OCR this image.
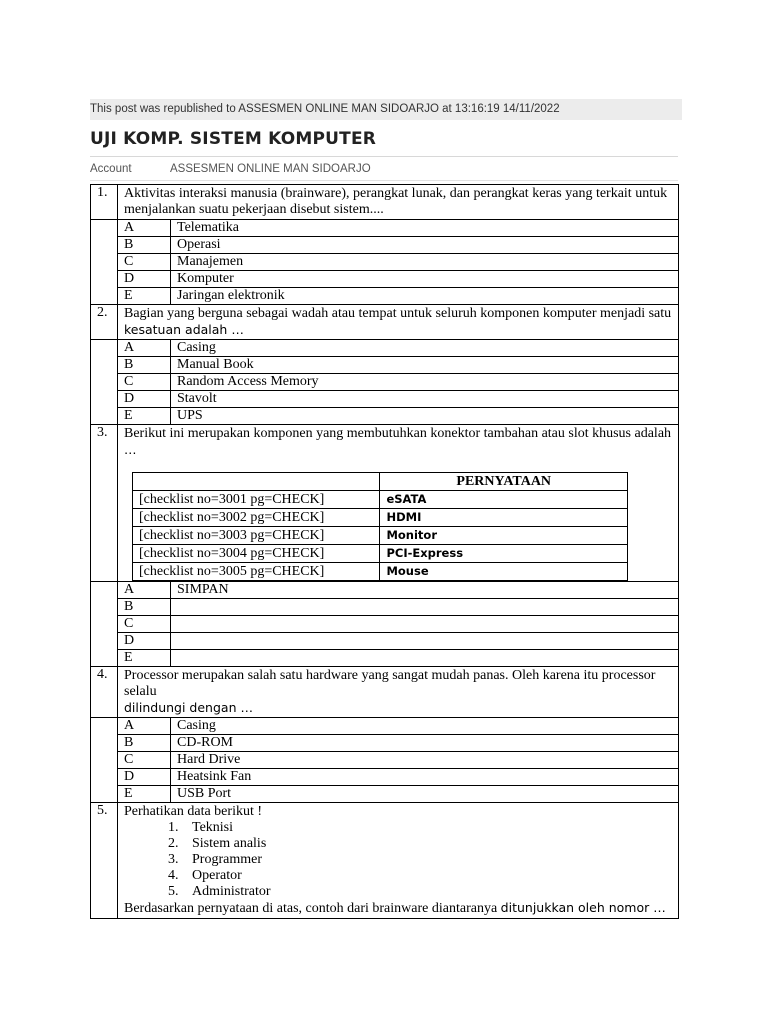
This post was republished to ASSESMEN ONLINE MAN SIDOARJO at 13:16:19 14/11/2022
UJI KOMP. SISTEM KOMPUTER
Account	ASSESMEN ONLINE MAN SIDOARJO
1.	Aktivitas interaksi manusia (brainware), perangkat lunak, dan perangkat keras yang terkait untuk menjalankan suatu pekerjaan disebut sistem....
	A	Telematika
B	Operasi
C	Manajemen
D	Komputer
E	Jaringan elektronik
2.	Bagian yang berguna sebagai wadah atau tempat untuk seluruh komponen komputer menjadi satu
kesatuan adalah …

	A	Casing
B	Manual Book
C	Random Access Memory
D	Stavolt
E	UPS
3.	Berikut ini merupakan komponen yang membutuhkan konektor tambahan atau slot khusus adalah
…
	PERNYATAAN
[checklist no=3001 pg=CHECK]	eSATA
[checklist no=3002 pg=CHECK]	HDMI
[checklist no=3003 pg=CHECK]	Monitor
[checklist no=3004 pg=CHECK]	PCI-Express
[checklist no=3005 pg=CHECK]	Mouse

	A	SIMPAN
B	
C	
D	
E	
4.	Processor merupakan salah satu hardware yang sangat mudah panas. Oleh karena itu processor selalu
dilindungi dengan …

	A	Casing
B	CD-ROM
C	Hard Drive
D	Heatsink Fan
E	USB Port
5.	Perhatikan data berikut !
1. Teknisi
2. Sistem analis
3. Programmer
4. Operator
5. Administrator
Berdasarkan pernyataan di atas, contoh dari brainware diantaranya ditunjukkan oleh nomor …
